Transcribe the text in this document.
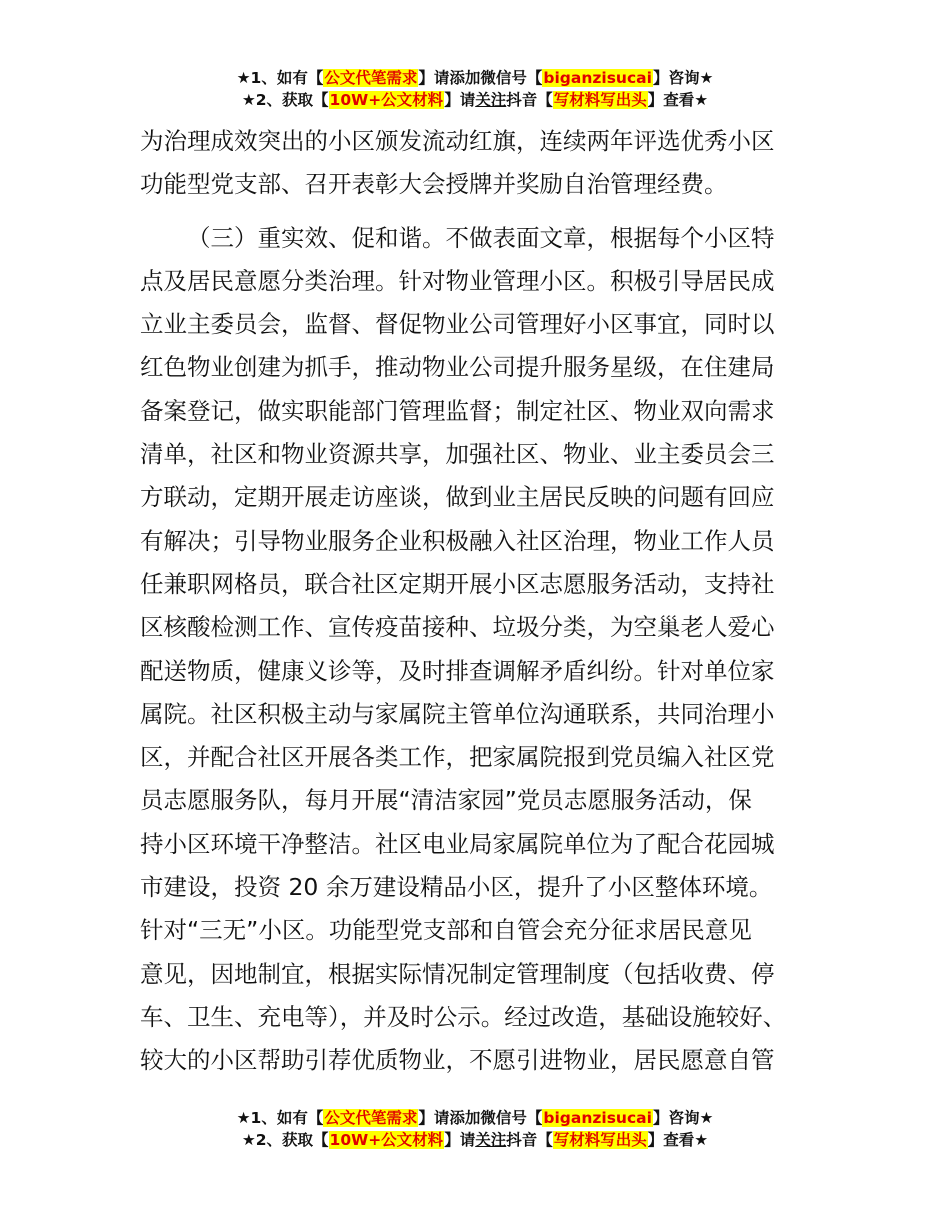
★1、如有【公文代笔需求】请添加微信号【biganzisucai】咨询★
★2、获取【10W+公文材料】请关注抖音【写材料写出头】查看★
为治理成效突出的小区颁发流动红旗，连续两年评选优秀小区
功能型党支部、召开表彰大会授牌并奖励自治管理经费。
（三）重实效、促和谐。不做表面文章，根据每个小区特
点及居民意愿分类治理。针对物业管理小区。积极引导居民成
立业主委员会，监督、督促物业公司管理好小区事宜，同时以
红色物业创建为抓手，推动物业公司提升服务星级，在住建局
备案登记，做实职能部门管理监督；制定社区、物业双向需求
清单，社区和物业资源共享，加强社区、物业、业主委员会三
方联动，定期开展走访座谈，做到业主居民反映的问题有回应
有解决；引导物业服务企业积极融入社区治理，物业工作人员
任兼职网格员，联合社区定期开展小区志愿服务活动，支持社
区核酸检测工作、宣传疫苗接种、垃圾分类，为空巢老人爱心
配送物质，健康义诊等，及时排查调解矛盾纠纷。针对单位家
属院。社区积极主动与家属院主管单位沟通联系，共同治理小
区，并配合社区开展各类工作，把家属院报到党员编入社区党
员志愿服务队，每月开展“清洁家园”党员志愿服务活动，保
持小区环境干净整洁。社区电业局家属院单位为了配合花园城
市建设，投资 20 余万建设精品小区，提升了小区整体环境。
针对“三无”小区。功能型党支部和自管会充分征求居民意见
意见，因地制宜，根据实际情况制定管理制度（包括收费、停
车、卫生、充电等），并及时公示。经过改造，基础设施较好、
较大的小区帮助引荐优质物业，不愿引进物业，居民愿意自管
★1、如有【公文代笔需求】请添加微信号【biganzisucai】咨询★
★2、获取【10W+公文材料】请关注抖音【写材料写出头】查看★
